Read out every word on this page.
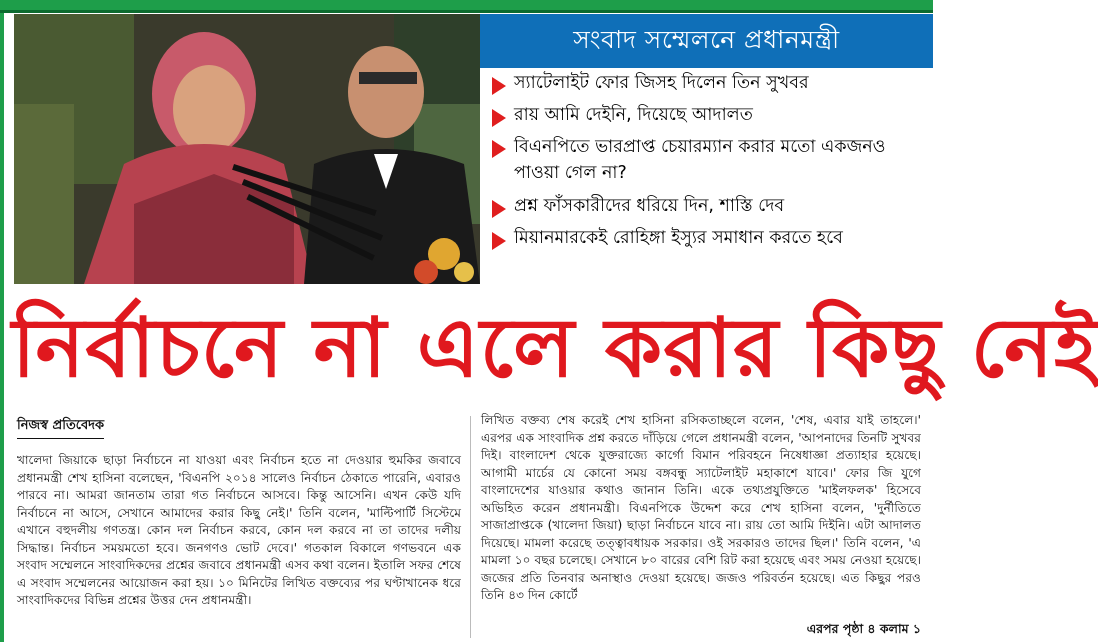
সংবাদ সম্মেলনে প্রধানমন্ত্রী
স্যাটেলাইট ফোর জিসহ দিলেন তিন সুখবর
রায় আমি দেইনি, দিয়েছে আদালত
বিএনপিতে ভারপ্রাপ্ত চেয়ারম্যান করার মতো একজনও পাওয়া গেল না?
প্রশ্ন ফাঁসকারীদের ধরিয়ে দিন, শাস্তি দেব
মিয়ানমারকেই রোহিঙ্গা ইস্যুর সমাধান করতে হবে
নির্বাচনে না এলে করার কিছু নেই
নিজস্ব প্রতিবেদক
খালেদা জিয়াকে ছাড়া নির্বাচনে না যাওয়া এবং নির্বাচন হতে না দেওয়ার হুমকির জবাবে প্রধানমন্ত্রী শেখ হাসিনা বলেছেন, 'বিএনপি ২০১৪ সালেও নির্বাচন ঠেকাতে পারেনি, এবারও পারবে না। আমরা জানতাম তারা গত নির্বাচনে আসবে। কিন্তু আসেনি। এখন কেউ যদি নির্বাচনে না আসে, সেখানে আমাদের করার কিছু নেই।' তিনি বলেন, 'মাল্টিপার্টি সিস্টেমে এখানে বহুদলীয় গণতন্ত্র। কোন দল নির্বাচন করবে, কোন দল করবে না তা তাদের দলীয় সিদ্ধান্ত। নির্বাচন সময়মতো হবে। জনগণও ভোট দেবে।' গতকাল বিকালে গণভবনে এক সংবাদ সম্মেলনে সাংবাদিকদের প্রশ্নের জবাবে প্রধানমন্ত্রী এসব কথা বলেন। ইতালি সফর শেষে এ সংবাদ সম্মেলনের আয়োজন করা হয়। ১০ মিনিটের লিখিত বক্তব্যের পর ঘণ্টাখানেক ধরে সাংবাদিকদের বিভিন্ন প্রশ্নের উত্তর দেন প্রধানমন্ত্রী।
লিখিত বক্তব্য শেষ করেই শেখ হাসিনা রসিকতাচ্ছলে বলেন, 'শেষ, এবার যাই তাহলে।' এরপর এক সাংবাদিক প্রশ্ন করতে দাঁড়িয়ে গেলে প্রধানমন্ত্রী বলেন, 'আপনাদের তিনটি সুখবর দিই। বাংলাদেশ থেকে যুক্তরাজ্যে কার্গো বিমান পরিবহনে নিষেধাজ্ঞা প্রত্যাহার হয়েছে। আগামী মার্চের যে কোনো সময় বঙ্গবন্ধু স্যাটেলাইট মহাকাশে যাবে।' ফোর জি যুগে বাংলাদেশের যাওয়ার কথাও জানান তিনি। একে তথ্যপ্রযুক্তিতে 'মাইলফলক' হিসেবে অভিহিত করেন প্রধানমন্ত্রী। বিএনপিকে উদ্দেশ করে শেখ হাসিনা বলেন, 'দুর্নীতিতে সাজাপ্রাপ্তকে (খালেদা জিয়া) ছাড়া নির্বাচনে যাবে না। রায় তো আমি দিইনি। এটা আদালত দিয়েছে। মামলা করেছে তত্ত্বাবধায়ক সরকার। ওই সরকারও তাদের ছিল।' তিনি বলেন, 'এ মামলা ১০ বছর চলেছে। সেখানে ৮০ বারের বেশি রিট করা হয়েছে এবং সময় নেওয়া হয়েছে। জজের প্রতি তিনবার অনাস্থাও দেওয়া হয়েছে। জজও পরিবর্তন হয়েছে। এত কিছুর পরও তিনি ৪৩ দিন কোর্টে
এরপর পৃষ্ঠা ৪ কলাম ১
